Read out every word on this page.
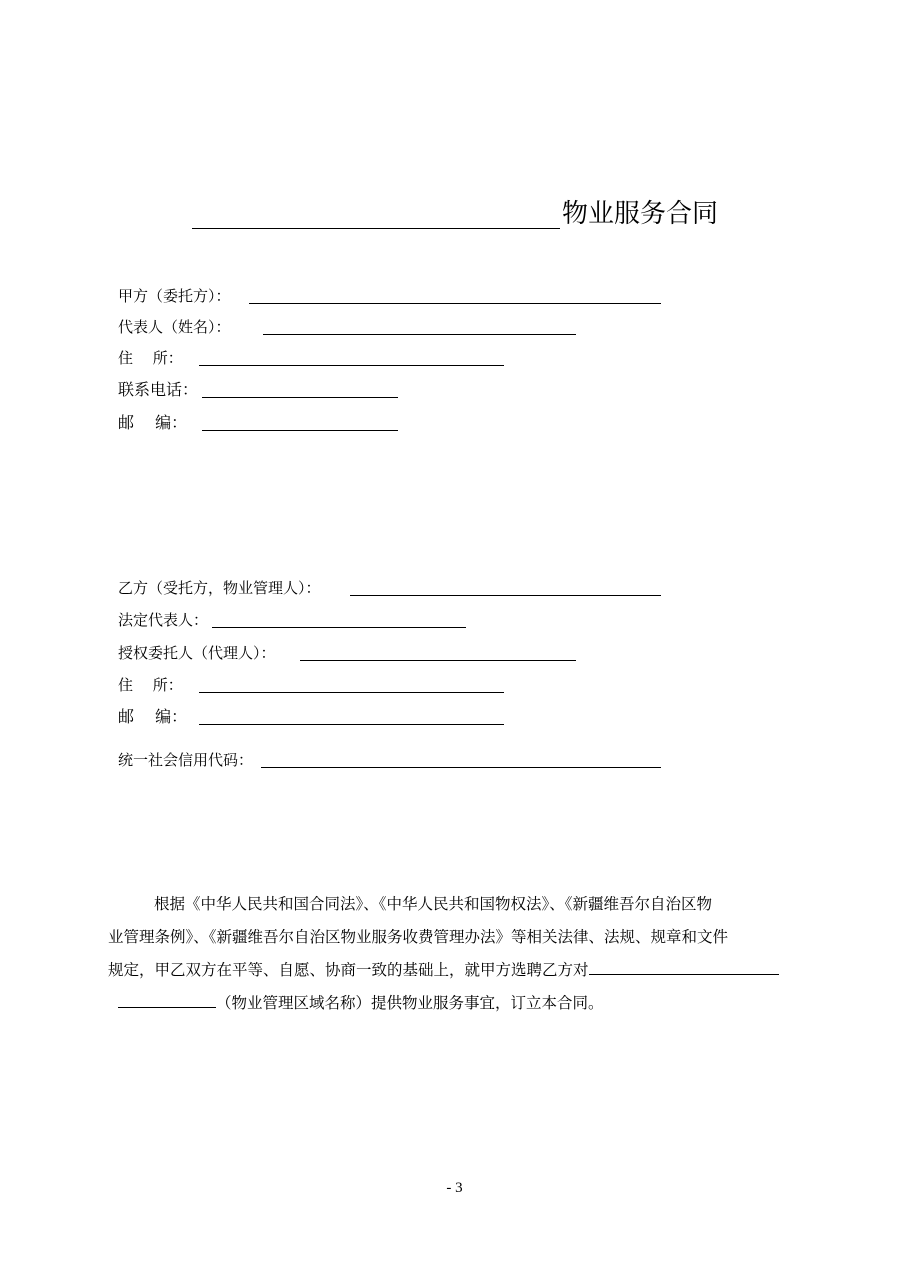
物业服务合同
甲方（委托方）：
代表人（姓名）：
住　 所：
联系电话：
邮　 编：
乙方（受托方，物业管理人）：
法定代表人：
授权委托人（代理人）：
住　 所：
邮　 编：
统一社会信用代码：
根据《中华人民共和国合同法》、《中华人民共和国物权法》、《新疆维吾尔自治区物
业管理条例》、《新疆维吾尔自治区物业服务收费管理办法》等相关法律、法规、规章和文件
规定，甲乙双方在平等、自愿、协商一致的基础上，就甲方选聘乙方对
（物业管理区域名称）提供物业服务事宜，订立本合同。
- 3
